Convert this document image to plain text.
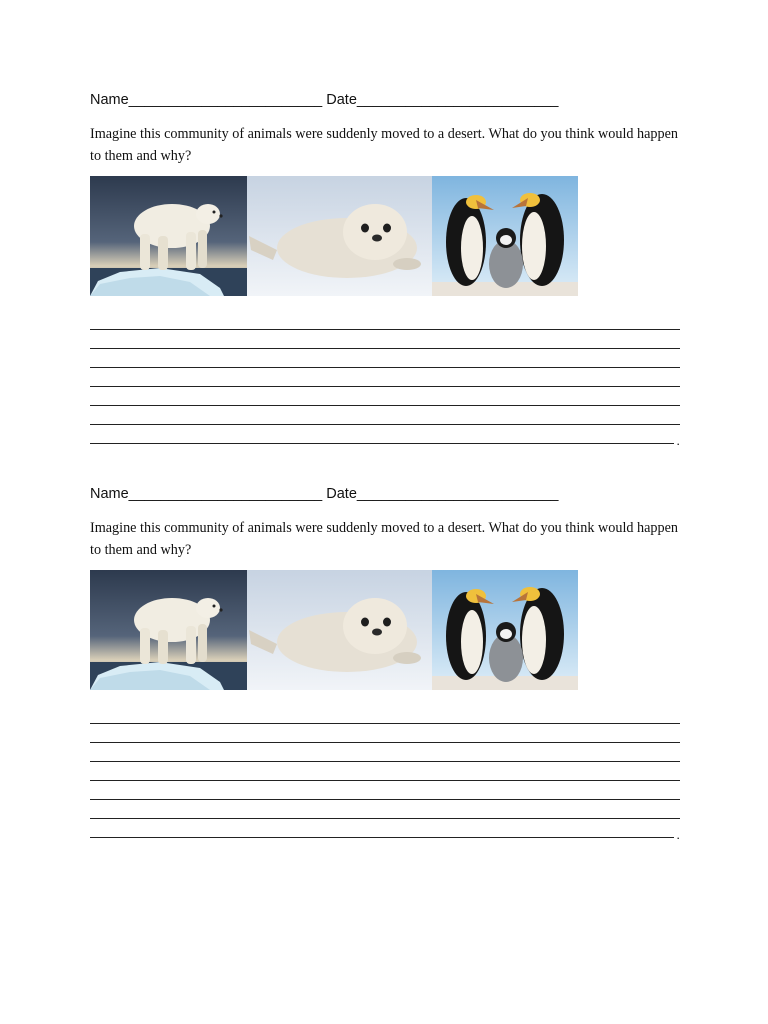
Name________________________ Date_________________________
Imagine this community of animals were suddenly moved to a desert. What do you think would happen to them and why?
.
Name________________________ Date_________________________
Imagine this community of animals were suddenly moved to a desert. What do you think would happen to them and why?
.
